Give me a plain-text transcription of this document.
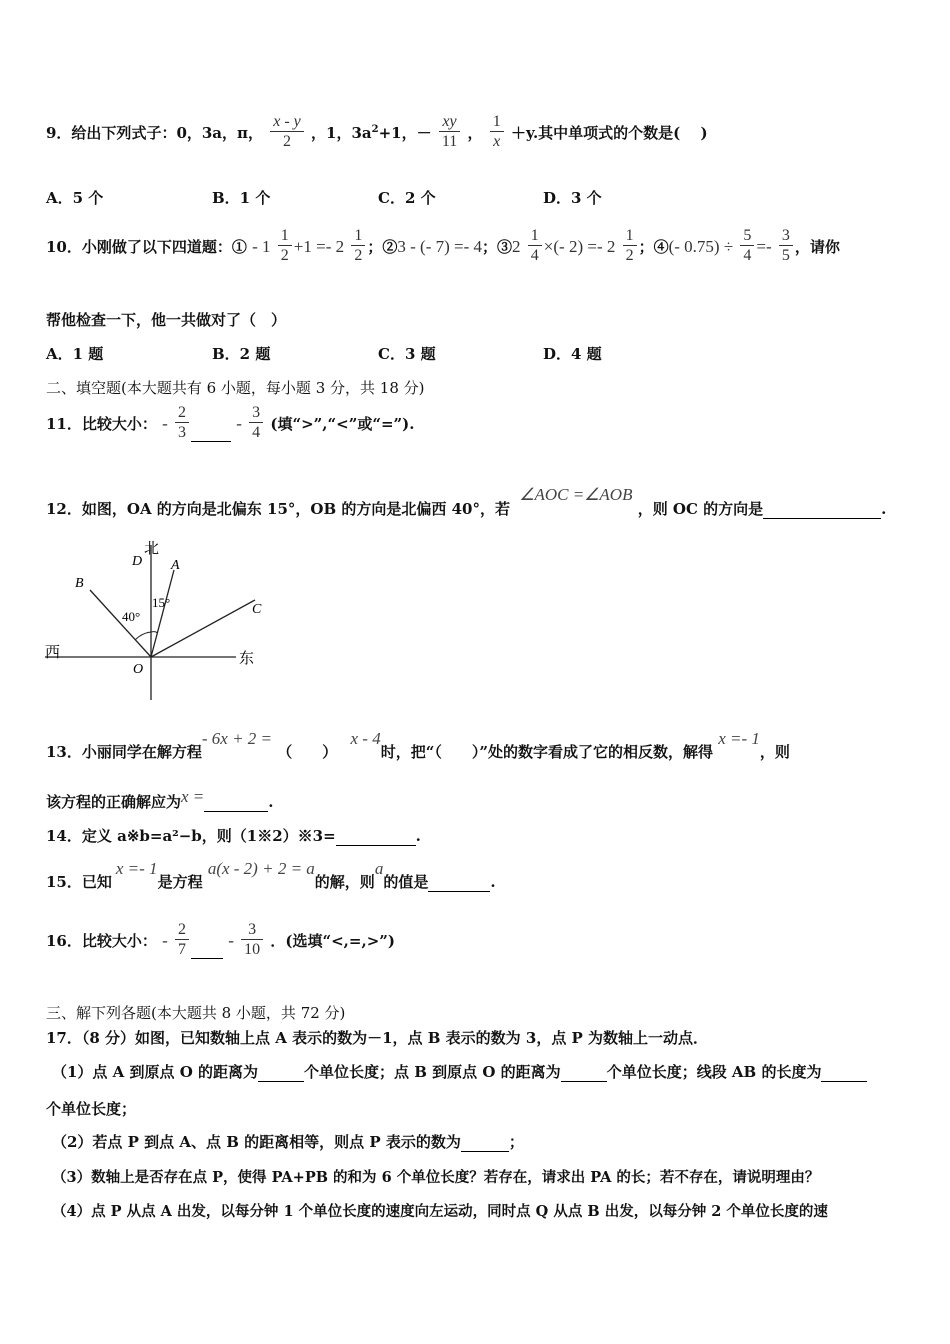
9．给出下列式子：0，3a，π， $\frac{x - y}{2}$ ，1，$3a^2+1$，－ $\frac{xy}{11}$ ， $\frac{1}{x} +y$.其中单项式的个数是(　 )
A．5 个	B．1 个	C．2 个	D．3 个
10．小刚做了以下四道题：① - $1 \frac{1}{2} +1 =- 2 \frac{1}{2}$ ；②3 - (- 7) =- 4；③2 $\frac{1}{4}$ ×(- $2) =- 2 \frac{1}{2}$ ；④(- $0.75) \div \frac{5}{4} =- \frac{3}{5}$ ，请你
帮他检查一下，他一共做对了（　）
A．1 题	B．2 题	C．3 题	D．4 题
二、填空题(本大题共有 6 小题，每小题 3 分，共 18 分)
11．比较大小： - $\frac{2}{3}$	- $\frac{3}{4}$ (填“>”,“<”或“=”).
12．如图，OA 的方向是北偏东 15°，OB 的方向是北偏西 40°，若 ∠AOC =∠AOB ，则 OC 的方向是	.
北
D A
B
C
40°
15°
西
O
东
13．小丽同学在解方程- 6x + 2 = （　　） x - 4时，把“（　　）”处的数字看成了它的相反数，解得 x =- 1，则
该方程的正确解应为x =	.
14．定义 a※b=a²−b，则（1※2）※3=	.
15．已知x =- 1是方程 a(x - 2) + 2 = a的解，则a的值是	.
16．比较大小： - $\frac{2}{7} - \frac{3}{10}$ ．(选填“<,=,>”)
三、解下列各题(本大题共 8 小题，共 72 分)
17．（8 分）如图，已知数轴上点 A 表示的数为－1，点 B 表示的数为 3，点 P 为数轴上一动点．
（1）点 A 到原点 O 的距离为	个单位长度；点 B 到原点 O 的距离为	个单位长度；线段 AB 的长度为
个单位长度；
（2）若点 P 到点 A、点 B 的距离相等，则点 P 表示的数为	；
（3）数轴上是否存在点 P，使得 PA+PB 的和为 6 个单位长度？若存在，请求出 PA 的长；若不存在，请说明理由？
（4）点 P 从点 A 出发，以每分钟 1 个单位长度的速度向左运动，同时点 Q 从点 B 出发，以每分钟 2 个单位长度的速
